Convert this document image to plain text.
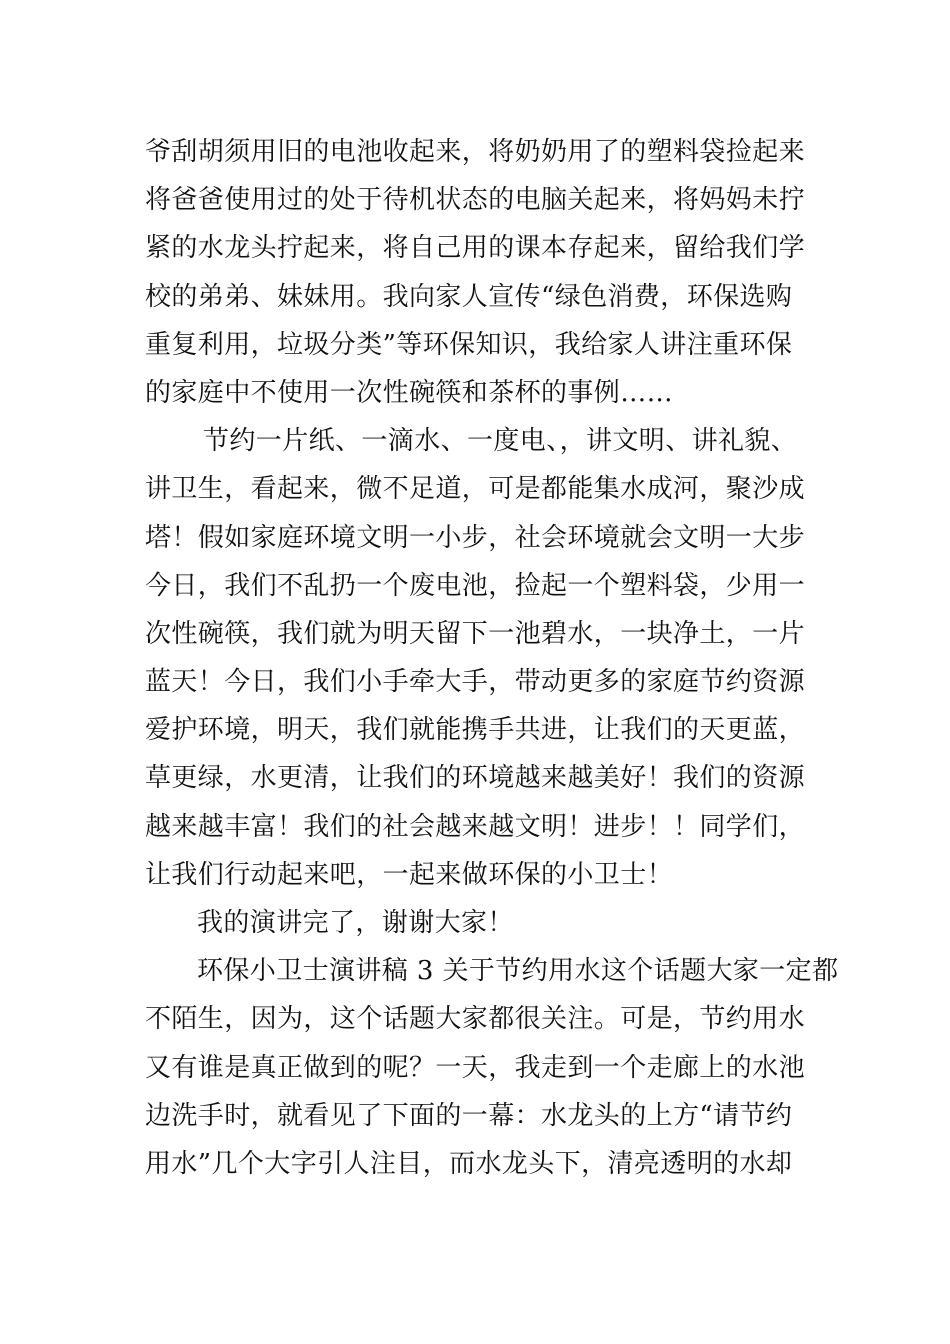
爷刮胡须用旧的电池收起来，将奶奶用了的塑料袋捡起来
将爸爸使用过的处于待机状态的电脑关起来，将妈妈未拧
紧的水龙头拧起来，将自己用的课本存起来，留给我们学
校的弟弟、妹妹用。我向家人宣传“绿色消费，环保选购
重复利用，垃圾分类”等环保知识，我给家人讲注重环保
的家庭中不使用一次性碗筷和茶杯的事例……
节约一片纸、一滴水、一度电、，讲文明、讲礼貌、
讲卫生，看起来，微不足道，可是都能集水成河，聚沙成
塔！假如家庭环境文明一小步，社会环境就会文明一大步
今日，我们不乱扔一个废电池，捡起一个塑料袋，少用一
次性碗筷，我们就为明天留下一池碧水，一块净土，一片
蓝天！今日，我们小手牵大手，带动更多的家庭节约资源
爱护环境，明天，我们就能携手共进，让我们的天更蓝，
草更绿，水更清，让我们的环境越来越美好！我们的资源
越来越丰富！我们的社会越来越文明！进步！！同学们，
让我们行动起来吧，一起来做环保的小卫士！
我的演讲完了，谢谢大家！
环保小卫士演讲稿 3 关于节约用水这个话题大家一定都
不陌生，因为，这个话题大家都很关注。可是，节约用水
又有谁是真正做到的呢？一天，我走到一个走廊上的水池
边洗手时，就看见了下面的一幕：水龙头的上方“请节约
用水”几个大字引人注目，而水龙头下，清亮透明的水却
